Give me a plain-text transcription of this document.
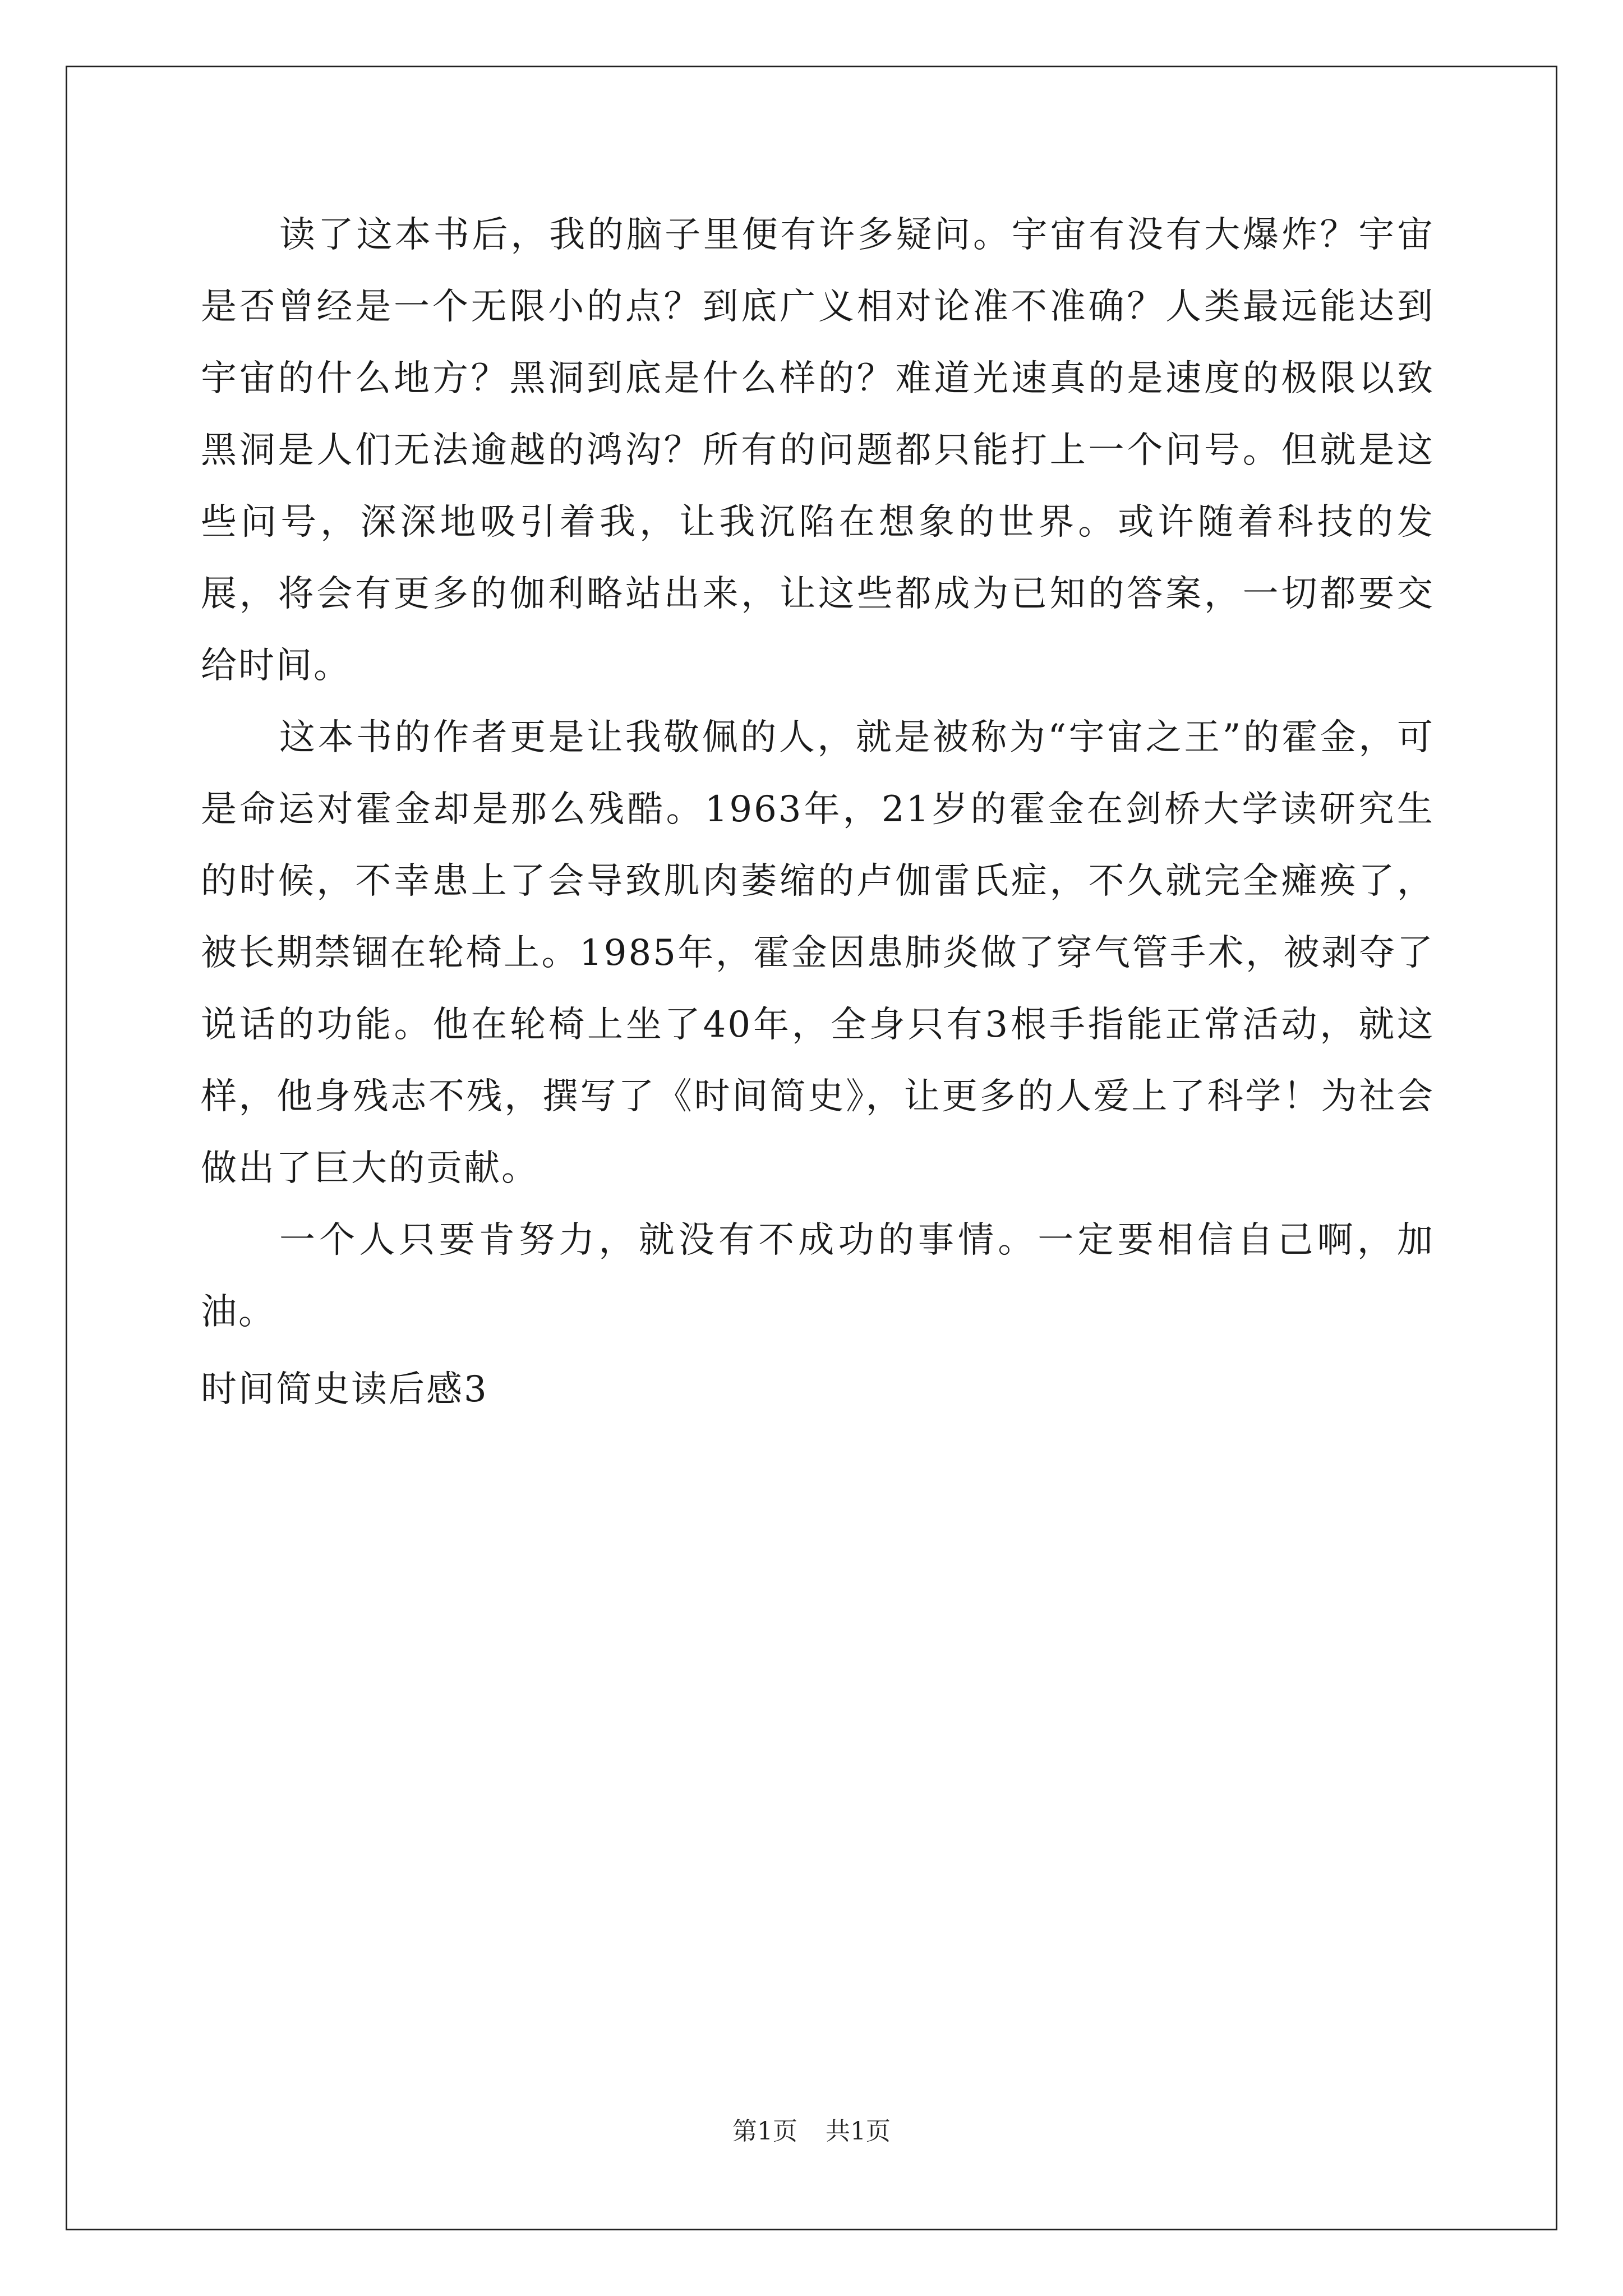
读了这本书后，我的脑子里便有许多疑问。宇宙有没有大爆炸？宇宙是否曾经是一个无限小的点？到底广义相对论准不准确？人类最远能达到宇宙的什么地方？黑洞到底是什么样的？难道光速真的是速度的极限以致黑洞是人们无法逾越的鸿沟？所有的问题都只能打上一个问号。但就是这些问号，深深地吸引着我，让我沉陷在想象的世界。或许随着科技的发展，将会有更多的伽利略站出来，让这些都成为已知的答案，一切都要交给时间。

这本书的作者更是让我敬佩的人，就是被称为“宇宙之王”的霍金，可是命运对霍金却是那么残酷。1963年，21岁的霍金在剑桥大学读研究生的时候，不幸患上了会导致肌肉萎缩的卢伽雷氏症，不久就完全瘫痪了，被长期禁锢在轮椅上。1985年，霍金因患肺炎做了穿气管手术，被剥夺了说话的功能。他在轮椅上坐了40年，全身只有3根手指能正常活动，就这样，他身残志不残，撰写了《时间简史》，让更多的人爱上了科学！为社会做出了巨大的贡献。

一个人只要肯努力，就没有不成功的事情。一定要相信自己啊，加油。

时间简史读后感3

第1页 共1页
